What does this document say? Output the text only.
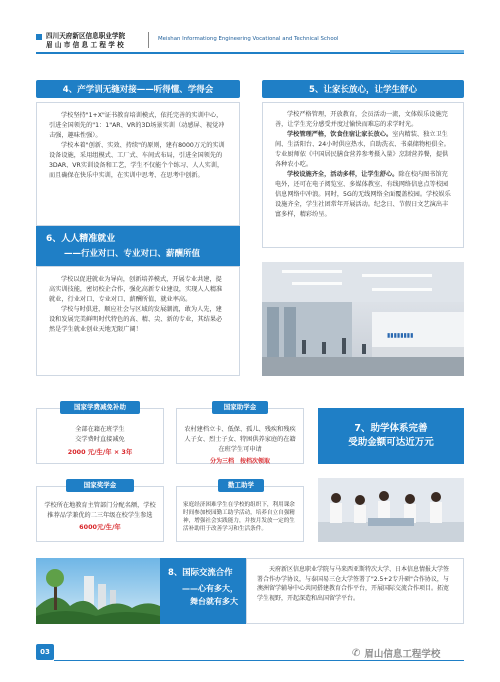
四川天府新区信息职业学院
眉 山 市 信 息 工 程 学 校
Meishan Informationg Engineering Vocational and Technical School
4、产学训无缝对接——听得懂、学得会

学校坚持"1+X"证书教育培训模式，依托完善的实训中心，引进全国领先的"1：1"AR、VR的3D场景实训（动感屏、视觉冲击强，趣味性强）。

学校本着"创新、实效、持续"的原则，建有8000万元的实训设备设施，采用组模式、工厂式、车间式布局，引进全国领先的3DAR、VR实训设备和工艺，学生不仅能个个练习、人人实训，而且确保在快乐中实训，在实训中思考、在思考中创新。

5、让家长放心，让学生舒心

学校严格管理，开放教育，会员活动一流，文体娱乐设施完善，让学生充分感受并度过愉快而难忘的求学时光。

学校管理严格，饮食住宿让家长放心。室内精装、独立卫生间、生活阳台、24小时供应热水，自助洗衣、书桌储物柜俱全。专业厨师依《中国居民膳食营养参考摄入量》烹制营养餐，提供各种农小吃。

学校设施齐全，活动多样，让学生舒心。除在校内图书馆充电外，还可在电子阅览室、多媒体教室、有线网络信息点等校园信息网络中冲浪。同时，5G的无线网络全面覆盖校园。学校娱乐设施齐全，学生社团常年开展活动。纪念日、节假日文艺演出丰富多样，精彩纷呈。

6、人人精准就业
——行业对口、专业对口、薪酬所值

学校以促进就业为导向，创新培养模式，开展专业共建，提高实训技能，密切校企合作，强化高新专业建设，实现人人精准就业，行业对口、专业对口、薪酬所值，就业率高。

学校与时俱进，顺应社会与区域的发展潮流，敢为人先，建设和发展完美鲜明时代特色的高、精、尖、新的专业，其结果必然是学生就业创业天地无限广阔！

▮▮▮▮▮▮▮▮
全部在籍在班学生
交学费时直接减免
2000 元/生/年 × 3年
国家学费减免补助
农村建档立卡、低保、孤儿、残疾和残疾人子女、烈士子女、特困供养家庭的在籍在班学生可申请
分为三档　按档次领取
国家助学金
7、助学体系完善
受助金额可达近万元
学校所在地教育主管部门分配名额，学校推荐品学兼优的二三年级在校学生参选
6000元/生/年
国家奖学金
家庭经济困难学生在学校的组织下，利用课余时间参加校园勤工助学活动，培养自立自强精神，增强社会实践能力，并按月发放一定的生活补助用于改善学习和生活条件。
勤工助学
8、国际交流合作
——心有多大，
舞台就有多大

天府新区信息职业学院与马来西亚斯特次大学、日本信息情报大学签署合作办学协议，与泰国易三仓大学签署了"2.5+2专升硕"合作协议，与澳洲留学辅导中心共同搭建教育合作平台，开展国际交流合作项目。拓宽学生视野，开起深造和出国留学平台。

03	✆ 眉山信息工程学校
